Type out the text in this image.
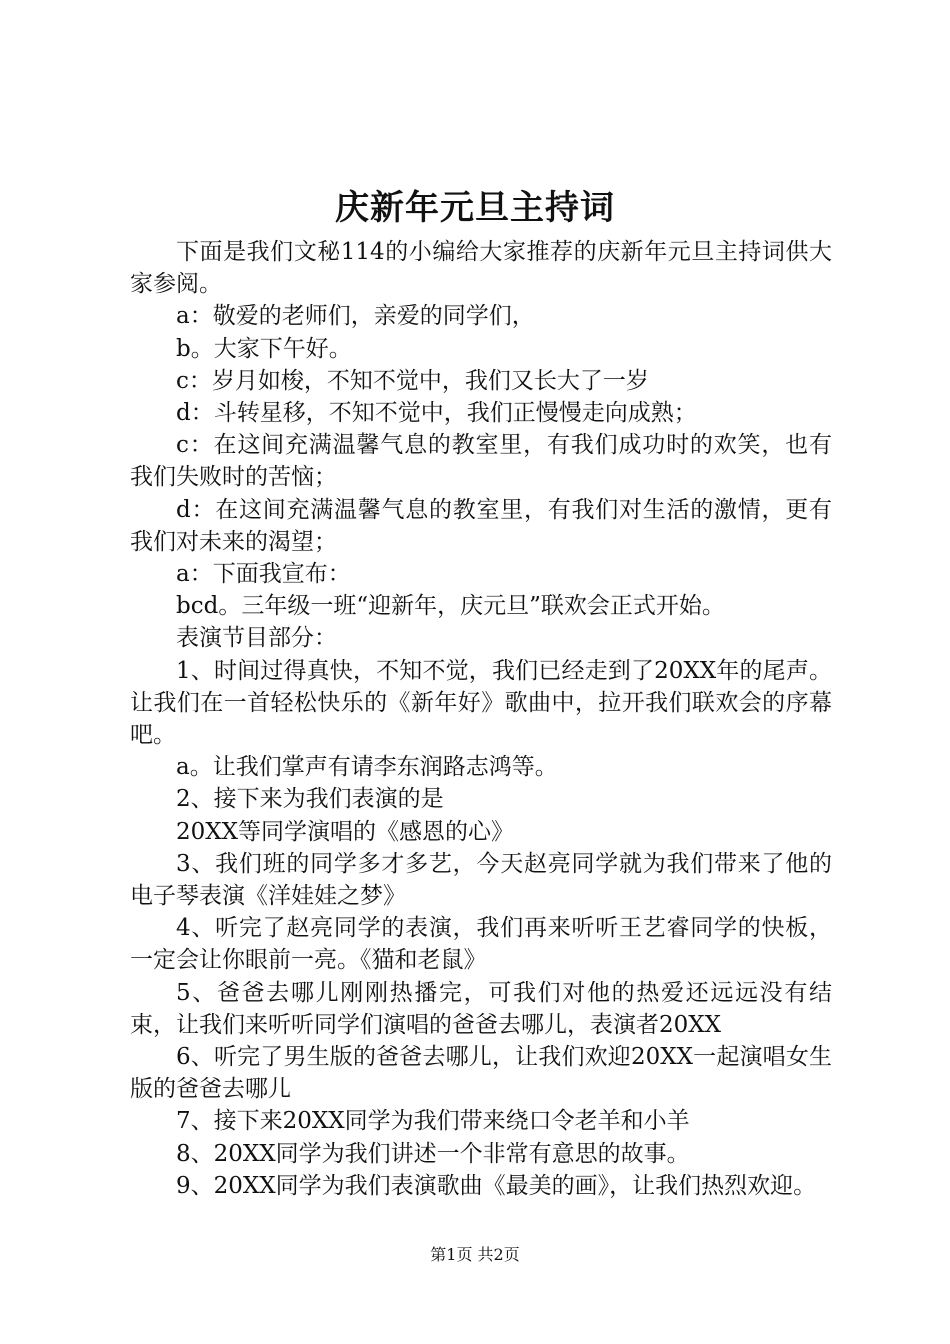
庆新年元旦主持词

下面是我们文秘114的小编给大家推荐的庆新年元旦主持词供大家参阅。

a：敬爱的老师们，亲爱的同学们，

b。大家下午好。

c：岁月如梭，不知不觉中，我们又长大了一岁

d：斗转星移，不知不觉中，我们正慢慢走向成熟；

c：在这间充满温馨气息的教室里，有我们成功时的欢笑，也有我们失败时的苦恼；

d：在这间充满温馨气息的教室里，有我们对生活的激情，更有我们对未来的渴望；

a：下面我宣布：

bcd。三年级一班“迎新年，庆元旦”联欢会正式开始。

表演节目部分：

1、时间过得真快，不知不觉，我们已经走到了20XX年的尾声。让我们在一首轻松快乐的《新年好》歌曲中，拉开我们联欢会的序幕吧。

a。让我们掌声有请李东润路志鸿等。

2、接下来为我们表演的是

20XX等同学演唱的《感恩的心》

3、我们班的同学多才多艺，今天赵亮同学就为我们带来了他的电子琴表演《洋娃娃之梦》

4、听完了赵亮同学的表演，我们再来听听王艺睿同学的快板，一定会让你眼前一亮。《猫和老鼠》

5、爸爸去哪儿刚刚热播完，可我们对他的热爱还远远没有结束，让我们来听听同学们演唱的爸爸去哪儿，表演者20XX

6、听完了男生版的爸爸去哪儿，让我们欢迎20XX一起演唱女生版的爸爸去哪儿

7、接下来20XX同学为我们带来绕口令老羊和小羊

8、20XX同学为我们讲述一个非常有意思的故事。

9、20XX同学为我们表演歌曲《最美的画》，让我们热烈欢迎。

第1页 共2页
